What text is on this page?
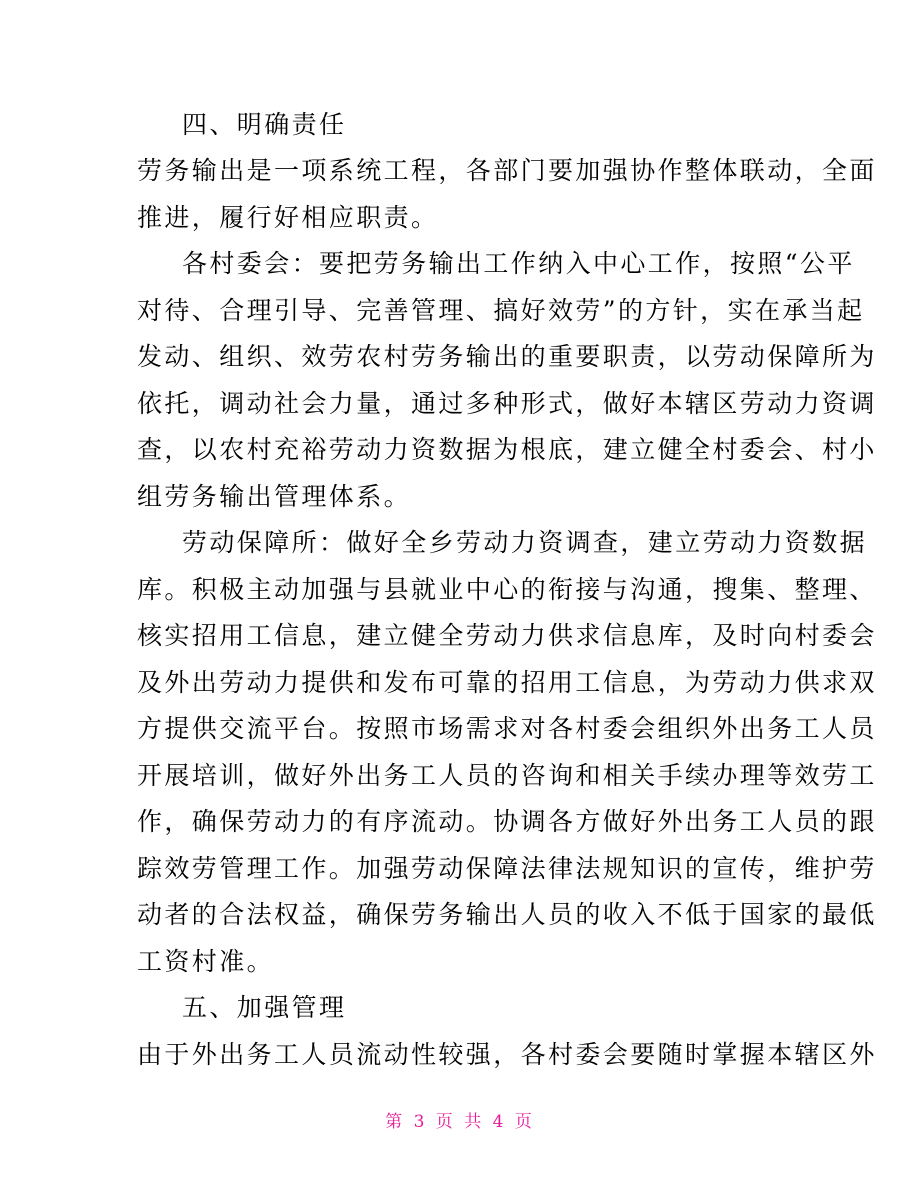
四、明确责任
劳务输出是一项系统工程，各部门要加强协作整体联动，全面
推进，履行好相应职责。
各村委会：要把劳务输出工作纳入中心工作，按照“公平
对待、合理引导、完善管理、搞好效劳”的方针，实在承当起
发动、组织、效劳农村劳务输出的重要职责，以劳动保障所为
依托，调动社会力量，通过多种形式，做好本辖区劳动力资调
查，以农村充裕劳动力资数据为根底，建立健全村委会、村小
组劳务输出管理体系。
劳动保障所：做好全乡劳动力资调查，建立劳动力资数据
库。积极主动加强与县就业中心的衔接与沟通，搜集、整理、
核实招用工信息，建立健全劳动力供求信息库，及时向村委会
及外出劳动力提供和发布可靠的招用工信息，为劳动力供求双
方提供交流平台。按照市场需求对各村委会组织外出务工人员
开展培训，做好外出务工人员的咨询和相关手续办理等效劳工
作，确保劳动力的有序流动。协调各方做好外出务工人员的跟
踪效劳管理工作。加强劳动保障法律法规知识的宣传，维护劳
动者的合法权益，确保劳务输出人员的收入不低于国家的最低
工资村准。
五、加强管理
由于外出务工人员流动性较强，各村委会要随时掌握本辖区外
第 3 页 共 4 页
